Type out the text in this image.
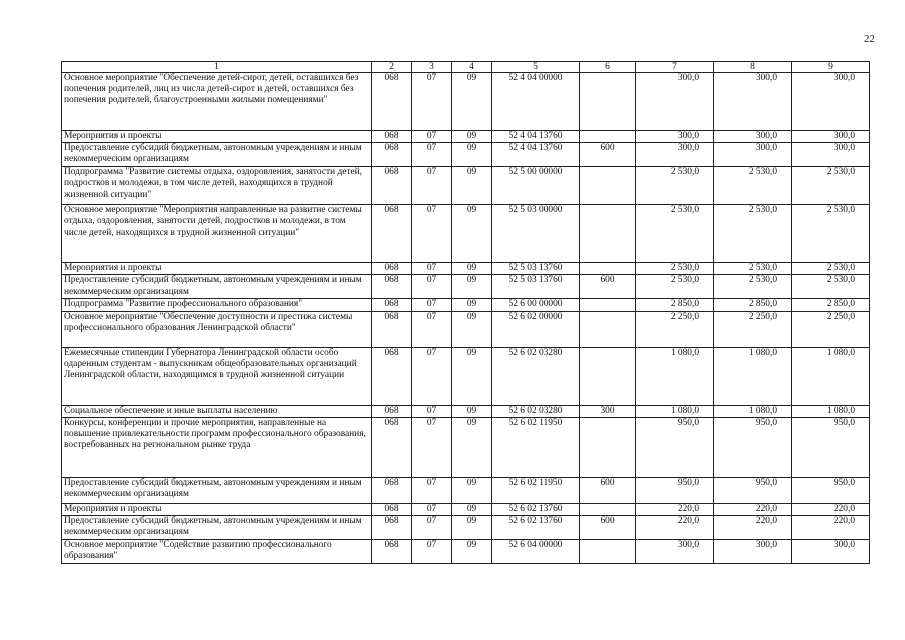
22
1	2	3	4	5	6	7	8	9
Основное мероприятие "Обеспечение детей-сирот, детей, оставшихся без попечения родителей, лиц из числа детей-сирот и детей, оставшихся без попечения родителей, благоустроенными жилыми помещениями"	068	07	09	52 4 04 00000		300,0	300,0	300,0
Мероприятия и проекты	068	07	09	52 4 04 13760		300,0	300,0	300,0
Предоставление субсидий бюджетным, автономным учреждениям и иным некоммерческим организациям	068	07	09	52 4 04 13760	600	300,0	300,0	300,0
Подпрограмма "Развитие системы отдыха, оздоровления, занятости детей, подростков и молодежи, в том числе детей, находящихся в трудной жизненной ситуации"	068	07	09	52 5 00 00000		2 530,0	2 530,0	2 530,0
Основное мероприятие "Мероприятия направленные на развитие системы отдыха, оздоровления, занятости детей, подростков и молодежи, в том числе детей, находящихся в трудной жизненной ситуации"	068	07	09	52 5 03 00000		2 530,0	2 530,0	2 530,0
Мероприятия и проекты	068	07	09	52 5 03 13760		2 530,0	2 530,0	2 530,0
Предоставление субсидий бюджетным, автономным учреждениям и иным некоммерческим организациям	068	07	09	52 5 03 13760	600	2 530,0	2 530,0	2 530,0
Подпрограмма "Развитие профессионального образования"	068	07	09	52 6 00 00000		2 850,0	2 850,0	2 850,0
Основное мероприятие "Обеспечение доступности и престижа системы профессионального образования Ленинградской области"	068	07	09	52 6 02 00000		2 250,0	2 250,0	2 250,0
Ежемесячные стипендии Губернатора Ленинградской области особо одаренным студентам - выпускникам общеобразовательных организаций Ленинградской области, находящимся в трудной жизненной ситуации	068	07	09	52 6 02 03280		1 080,0	1 080,0	1 080,0
Социальное обеспечение и иные выплаты населению	068	07	09	52 6 02 03280	300	1 080,0	1 080,0	1 080,0
Конкурсы, конференции и прочие мероприятия, направленные на повышение привлекательности программ профессионального образования, востребованных на регнональном рынке труда	068	07	09	52 6 02 11950		950,0	950,0	950,0
Предоставление субсидий бюджетным, автономным учреждениям и иным некоммерческим организациям	068	07	09	52 6 02 11950	600	950,0	950,0	950,0
Мероприятия и проекты	068	07	09	52 6 02 13760		220,0	220,0	220,0
Предоставление субсидий бюджетным, автономным учреждениям и иным некоммерческим организациям	068	07	09	52 6 02 13760	600	220,0	220,0	220,0
Основное мероприятие "Содействие развитию профессионального образования"	068	07	09	52 6 04 00000		300,0	300,0	300,0
